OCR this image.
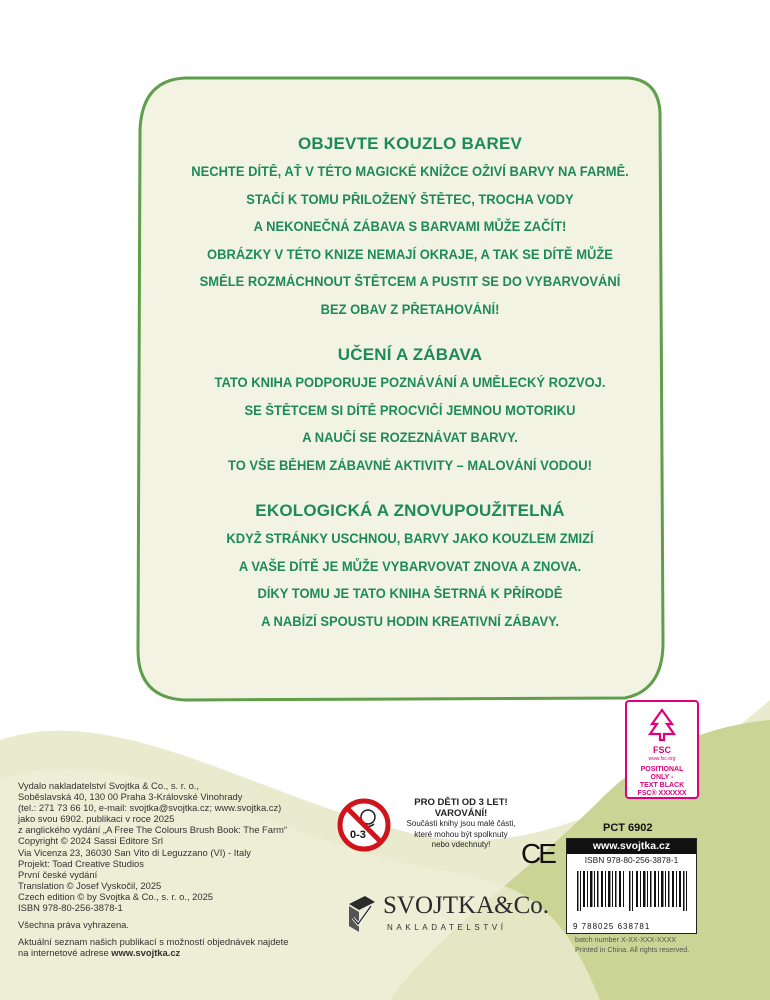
OBJEVTE KOUZLO BAREV

NECHTE DÍTĚ, AŤ V TÉTO MAGICKÉ KNÍŽCE OŽIVÍ BARVY NA FARMĚ.

STAČÍ K TOMU PŘILOŽENÝ ŠTĚTEC, TROCHA VODY

A NEKONEČNÁ ZÁBAVA S BARVAMI MŮŽE ZAČÍT!

OBRÁZKY V TÉTO KNIZE NEMAJÍ OKRAJE, A TAK SE DÍTĚ MŮŽE

SMĚLE ROZMÁCHNOUT ŠTĚTCEM A PUSTIT SE DO VYBARVOVÁNÍ

BEZ OBAV Z PŘETAHOVÁNÍ!

UČENÍ A ZÁBAVA

TATO KNIHA PODPORUJE POZNÁVÁNÍ A UMĚLECKÝ ROZVOJ.

SE ŠTĚTCEM SI DÍTĚ PROCVIČÍ JEMNOU MOTORIKU

A NAUČÍ SE ROZEZNÁVAT BARVY.

TO VŠE BĚHEM ZÁBAVNÉ AKTIVITY – MALOVÁNÍ VODOU!

EKOLOGICKÁ A ZNOVUPOUŽITELNÁ

KDYŽ STRÁNKY USCHNOU, BARVY JAKO KOUZLEM ZMIZÍ

A VAŠE DÍTĚ JE MŮŽE VYBARVOVAT ZNOVA A ZNOVA.

DÍKY TOMU JE TATO KNIHA ŠETRNÁ K PŘÍRODĚ

A NABÍZÍ SPOUSTU HODIN KREATIVNÍ ZÁBAVY.

FSC
www.fsc.org
POSITIONAL
ONLY -
TEXT BLACK
FSC® XXXXXX
Vydalo nakladatelství Svojtka & Co., s. r. o.,
Soběslavská 40, 130 00 Praha 3-Královské Vinohrady
(tel.: 271 73 66 10, e-mail: svojtka@svojtka.cz; www.svojtka.cz)
jako svou 6902. publikaci v roce 2025
z anglického vydání „A Free The Colours Brush Book: The Farm“
Copyright © 2024 Sassi Editore Srl
Via Vicenza 23, 36030 San Vito di Leguzzano (VI) - Italy
Projekt: Toad Creative Studios
První české vydání
Translation © Josef Vyskočil, 2025
Czech edition © by Svojtka & Co., s. r. o., 2025
ISBN 978-80-256-3878-1
Všechna práva vyhrazena.
Aktuální seznam našich publikací s možností objednávek najdete
na internetové adrese www.svojtka.cz
0-3
PRO DĚTI OD 3 LET!
VAROVÁNÍ!
Součásti knihy jsou malé části,
které mohou být spolknuty
nebo vdechnuty!
PCT 6902
CE	www.svojtka.cz
ISBN 978-80-256-3878-1
9 788025 638781
batch number X-XX-XXX-XXXX
Printed in China. All rights reserved.
SVOJTKA&Co.
NAKLADATELSTVÍ
